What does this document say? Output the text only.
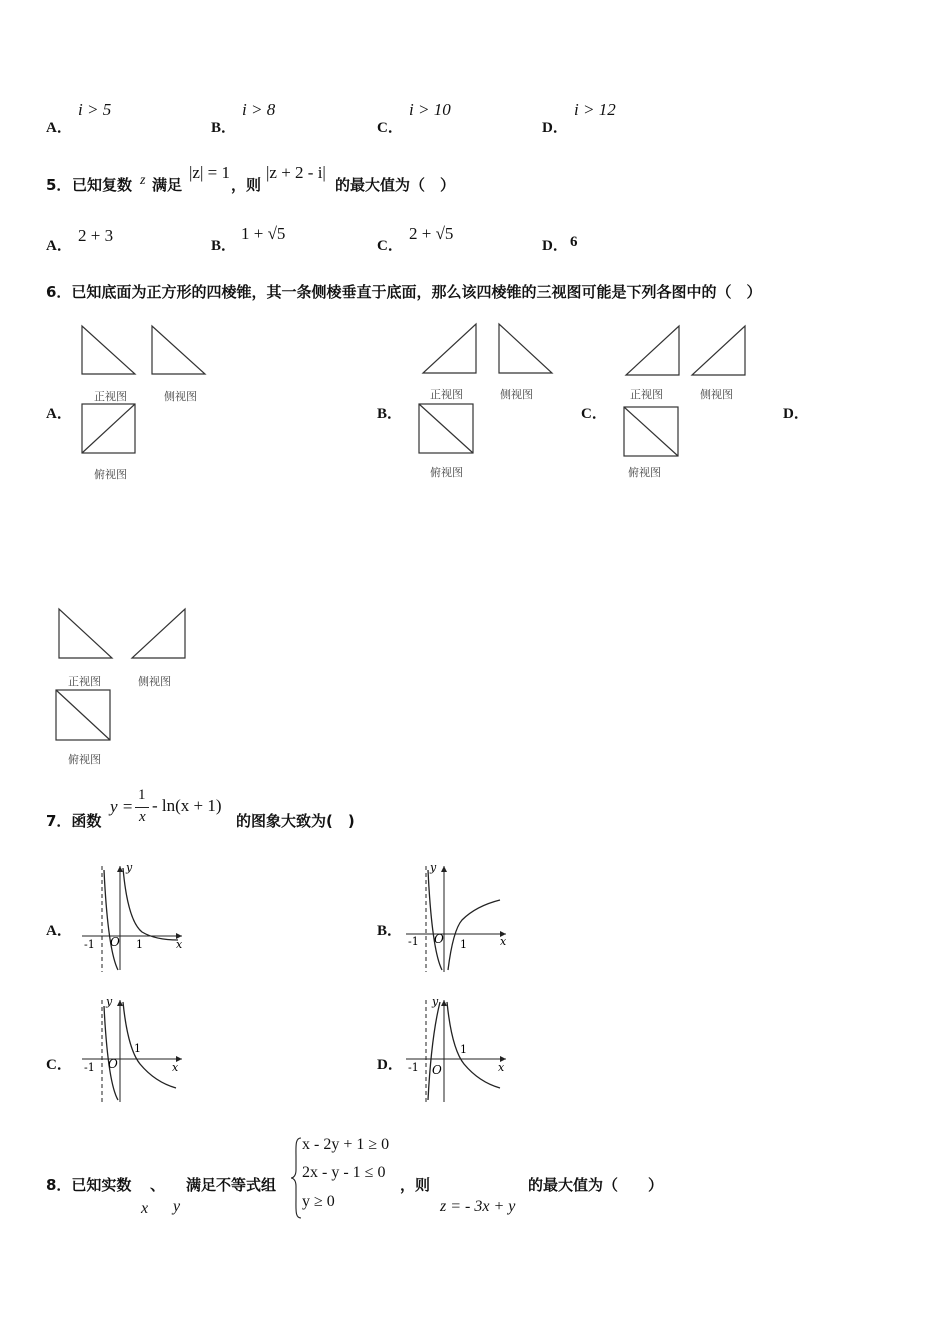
A．
i > 5
B．
i > 8
C．
i > 10
D．
i > 12
5． 已知复数 z 满足
|z| = 1
，则
|z + 2 - i|
的最大值为（　）
A．
2 + 3
B．
1 + √5
C．
2 + √5
D． 6
6．已知底面为正方形的四棱锥，其一条侧棱垂直于底面，那么该四棱锥的三视图可能是下列各图中的（　）
A．	B．	C．	D．
正视图	侧视图
俯视图
正视图	侧视图
俯视图
正视图	侧视图
俯视图
正视图	侧视图
俯视图
7．函数
y =
1
x
- ln(x + 1)
的图象大致为(　)
A．	B．
C．	D．
y
x
-1 O 1
y
x
-1 O 1
y
x
-1 O
1
y
x
-1 O
1
8．已知实数 、 满足不等式组
x y
x - 2y + 1 ≥ 0
2x - y - 1 ≤ 0
y ≥ 0
，则
z = - 3x + y
的最大值为（　　）
